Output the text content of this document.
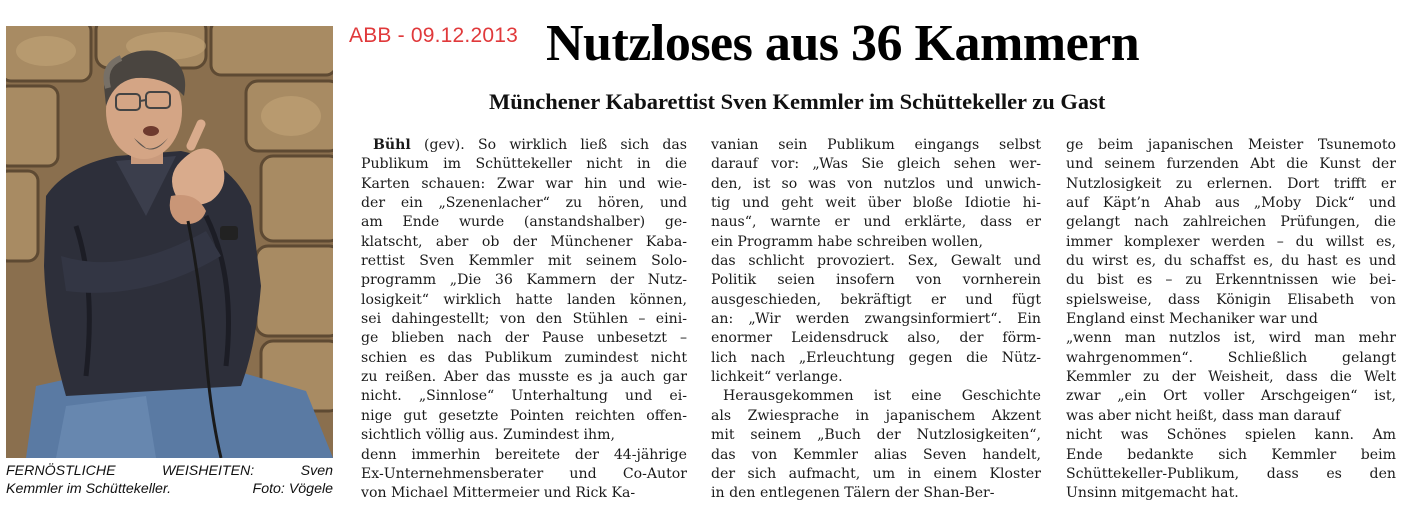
FERNÖSTLICHE	WEISHEITEN:	Sven
Kemmler im Schüttekeller.	Foto: Vögele
ABB - 09.12.2013 Nutzloses aus 36 Kammern
Münchener Kabarettist Sven Kemmler im Schüttekeller zu Gast
Bühl (gev). So wirklich ließ sich das
Publikum im Schüttekeller nicht in die
Karten schauen: Zwar war hin und wie-
der ein „Szenenlacher“ zu hören, und
am Ende wurde (anstandshalber) ge-
klatscht, aber ob der Münchener Kaba-
rettist Sven Kemmler mit seinem Solo-
programm „Die 36 Kammern der Nutz-
losigkeit“ wirklich hatte landen können,
sei dahingestellt; von den Stühlen – eini-
ge blieben nach der Pause unbesetzt –
schien es das Publikum zumindest nicht
zu reißen. Aber das musste es ja auch gar
nicht. „Sinnlose“ Unterhaltung und ei-
nige gut gesetzte Pointen reichten offen-
sichtlich völlig aus. Zumindest ihm,
denn immerhin bereitete der 44-jährige
Ex-Unternehmensberater und Co-Autor
von Michael Mittermeier und Rick Ka-
vanian sein Publikum eingangs selbst
darauf vor: „Was Sie gleich sehen wer-
den, ist so was von nutzlos und unwich-
tig und geht weit über bloße Idiotie hi-
naus“, warnte er und erklärte, dass er
ein Programm habe schreiben wollen,
das schlicht provoziert. Sex, Gewalt und
Politik seien insofern von vornherein
ausgeschieden, bekräftigt er und fügt
an: „Wir werden zwangsinformiert“. Ein
enormer Leidensdruck also, der förm-
lich nach „Erleuchtung gegen die Nütz-
lichkeit“ verlange.
Herausgekommen ist eine Geschichte
als Zwiesprache in japanischem Akzent
mit seinem „Buch der Nutzlosigkeiten“,
das von Kemmler alias Seven handelt,
der sich aufmacht, um in einem Kloster
in den entlegenen Tälern der Shan-Ber-
ge beim japanischen Meister Tsunemoto
und seinem furzenden Abt die Kunst der
Nutzlosigkeit zu erlernen. Dort trifft er
auf Käpt’n Ahab aus „Moby Dick“ und
gelangt nach zahlreichen Prüfungen, die
immer komplexer werden – du willst es,
du wirst es, du schaffst es, du hast es und
du bist es – zu Erkenntnissen wie bei-
spielsweise, dass Königin Elisabeth von
England einst Mechaniker war und
„wenn man nutzlos ist, wird man mehr
wahrgenommen“. Schließlich gelangt
Kemmler zu der Weisheit, dass die Welt
zwar „ein Ort voller Arschgeigen“ ist,
was aber nicht heißt, dass man darauf
nicht was Schönes spielen kann. Am
Ende bedankte sich Kemmler beim
Schüttekeller-Publikum, dass es den
Unsinn mitgemacht hat.
